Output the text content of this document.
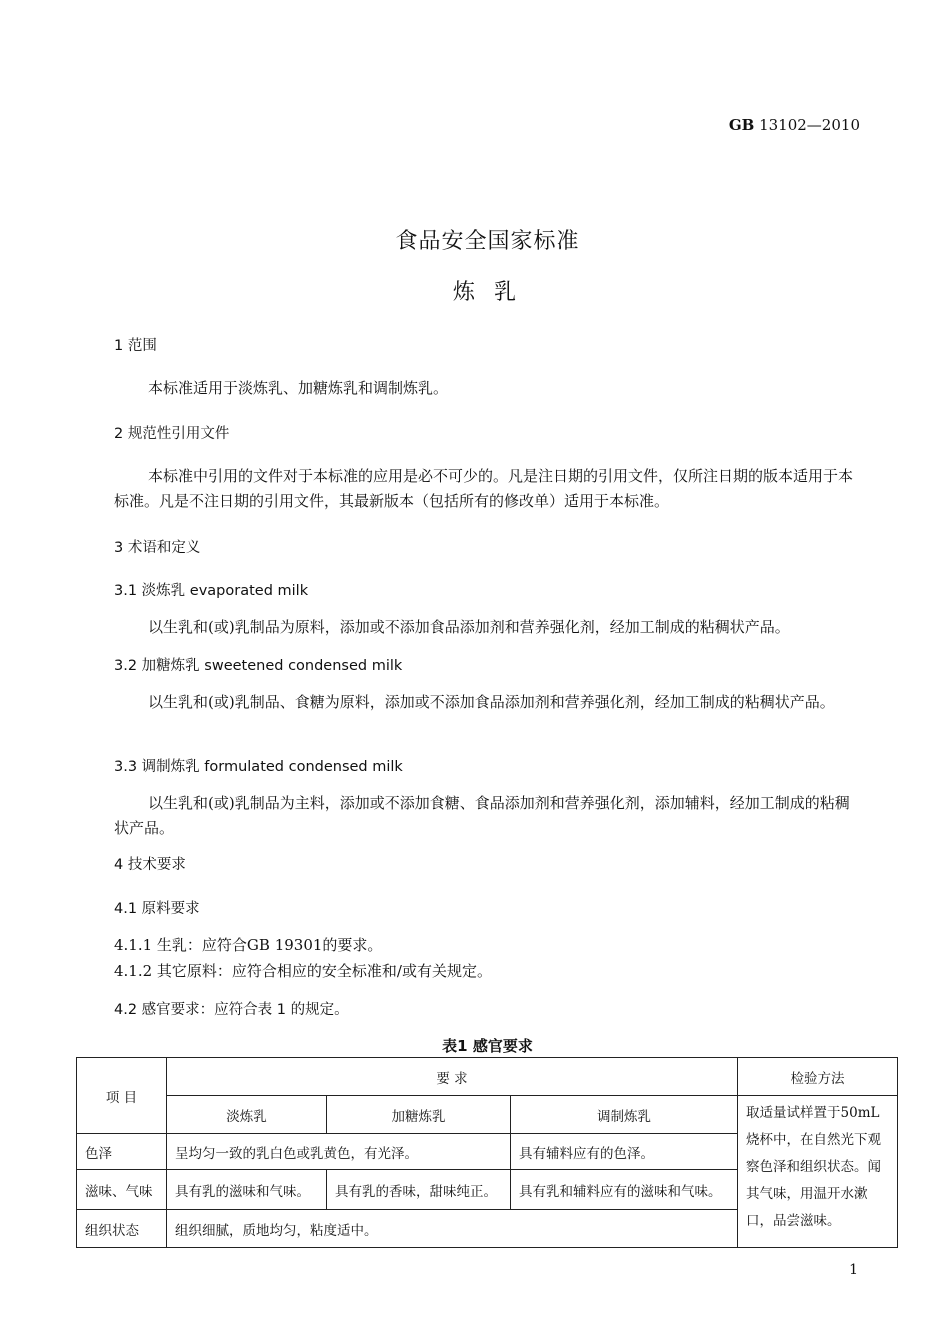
GB 13102—2010
食品安全国家标准
炼 乳
1 范围
本标准适用于淡炼乳、加糖炼乳和调制炼乳。
2 规范性引用文件
本标准中引用的文件对于本标准的应用是必不可少的。凡是注日期的引用文件，仅所注日期的版本适用于本标准。凡是不注日期的引用文件，其最新版本（包括所有的修改单）适用于本标准。
3 术语和定义
3.1 淡炼乳 evaporated milk
以生乳和(或)乳制品为原料，添加或不添加食品添加剂和营养强化剂，经加工制成的粘稠状产品。
3.2 加糖炼乳 sweetened condensed milk
以生乳和(或)乳制品、食糖为原料，添加或不添加食品添加剂和营养强化剂，经加工制成的粘稠状产品。
3.3 调制炼乳 formulated condensed milk
以生乳和(或)乳制品为主料，添加或不添加食糖、食品添加剂和营养强化剂，添加辅料，经加工制成的粘稠状产品。
4 技术要求
4.1 原料要求
4.1.1 生乳：应符合GB 19301的要求。
4.1.2 其它原料：应符合相应的安全标准和/或有关规定。
4.2 感官要求：应符合表 1 的规定。
表1 感官要求
项 目	要 求			检验方法
	淡炼乳	加糖炼乳	调制炼乳	取适量试样置于50mL烧杯中，在自然光下观察色泽和组织状态。闻其气味，用温开水漱口，品尝滋味。
色泽	呈均匀一致的乳白色或乳黄色，有光泽。		具有辅料应有的色泽。	
滋味、气味	具有乳的滋味和气味。	具有乳的香味，甜味纯正。	具有乳和辅料应有的滋味和气味。	
组织状态	组织细腻，质地均匀，粘度适中。			
1
